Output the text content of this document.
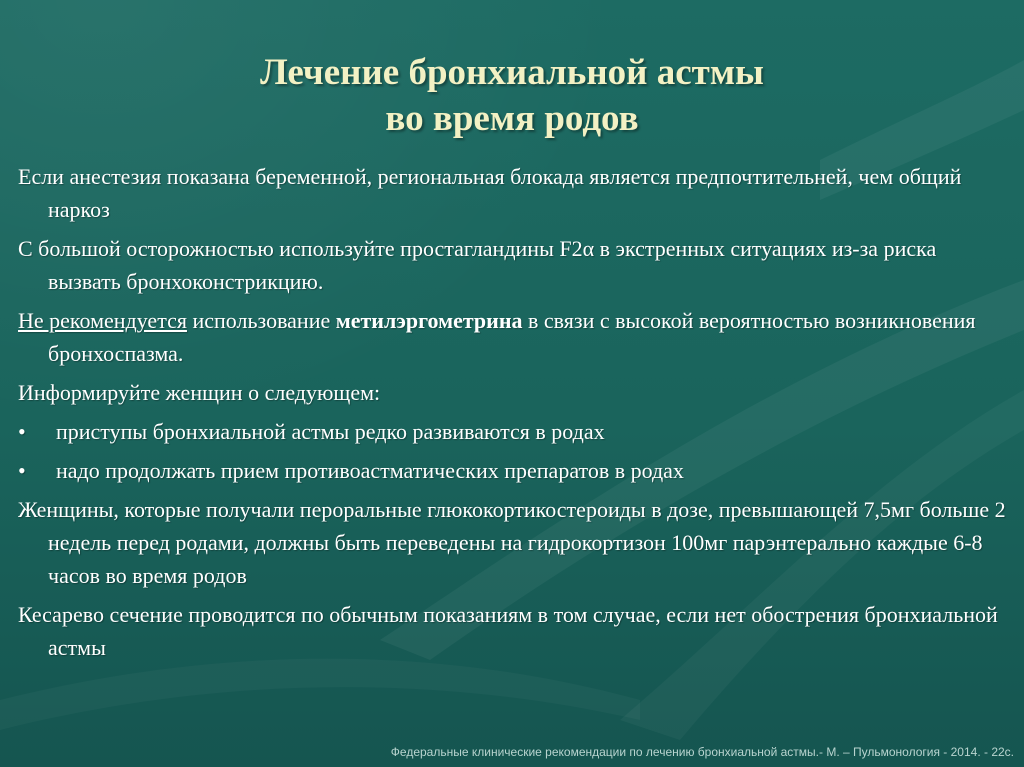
Лечение бронхиальной астмы
во время родов

Если анестезия показана беременной, региональная блокада является предпочтительней, чем общий наркоз

С большой осторожностью используйте простагландины F2α в экстренных ситуациях из-за риска вызвать бронхоконстрикцию.

Не рекомендуется использование метилэргометрина в связи с высокой вероятностью возникновения бронхоспазма.

Информируйте женщин о следующем:

• приступы бронхиальной астмы редко развиваются в родах
• надо продолжать прием противоастматических препаратов в родах

Женщины, которые получали пероральные глюкокортикостероиды в дозе, превышающей 7,5мг больше 2 недель перед родами, должны быть переведены на гидрокортизон 100мг парэнтерально каждые 6-8 часов во время родов

Кесарево сечение проводится по обычным показаниям в том случае, если нет обострения бронхиальной астмы

Федеральные клинические рекомендации по лечению бронхиальной астмы.- М. – Пульмонология - 2014. - 22с.
